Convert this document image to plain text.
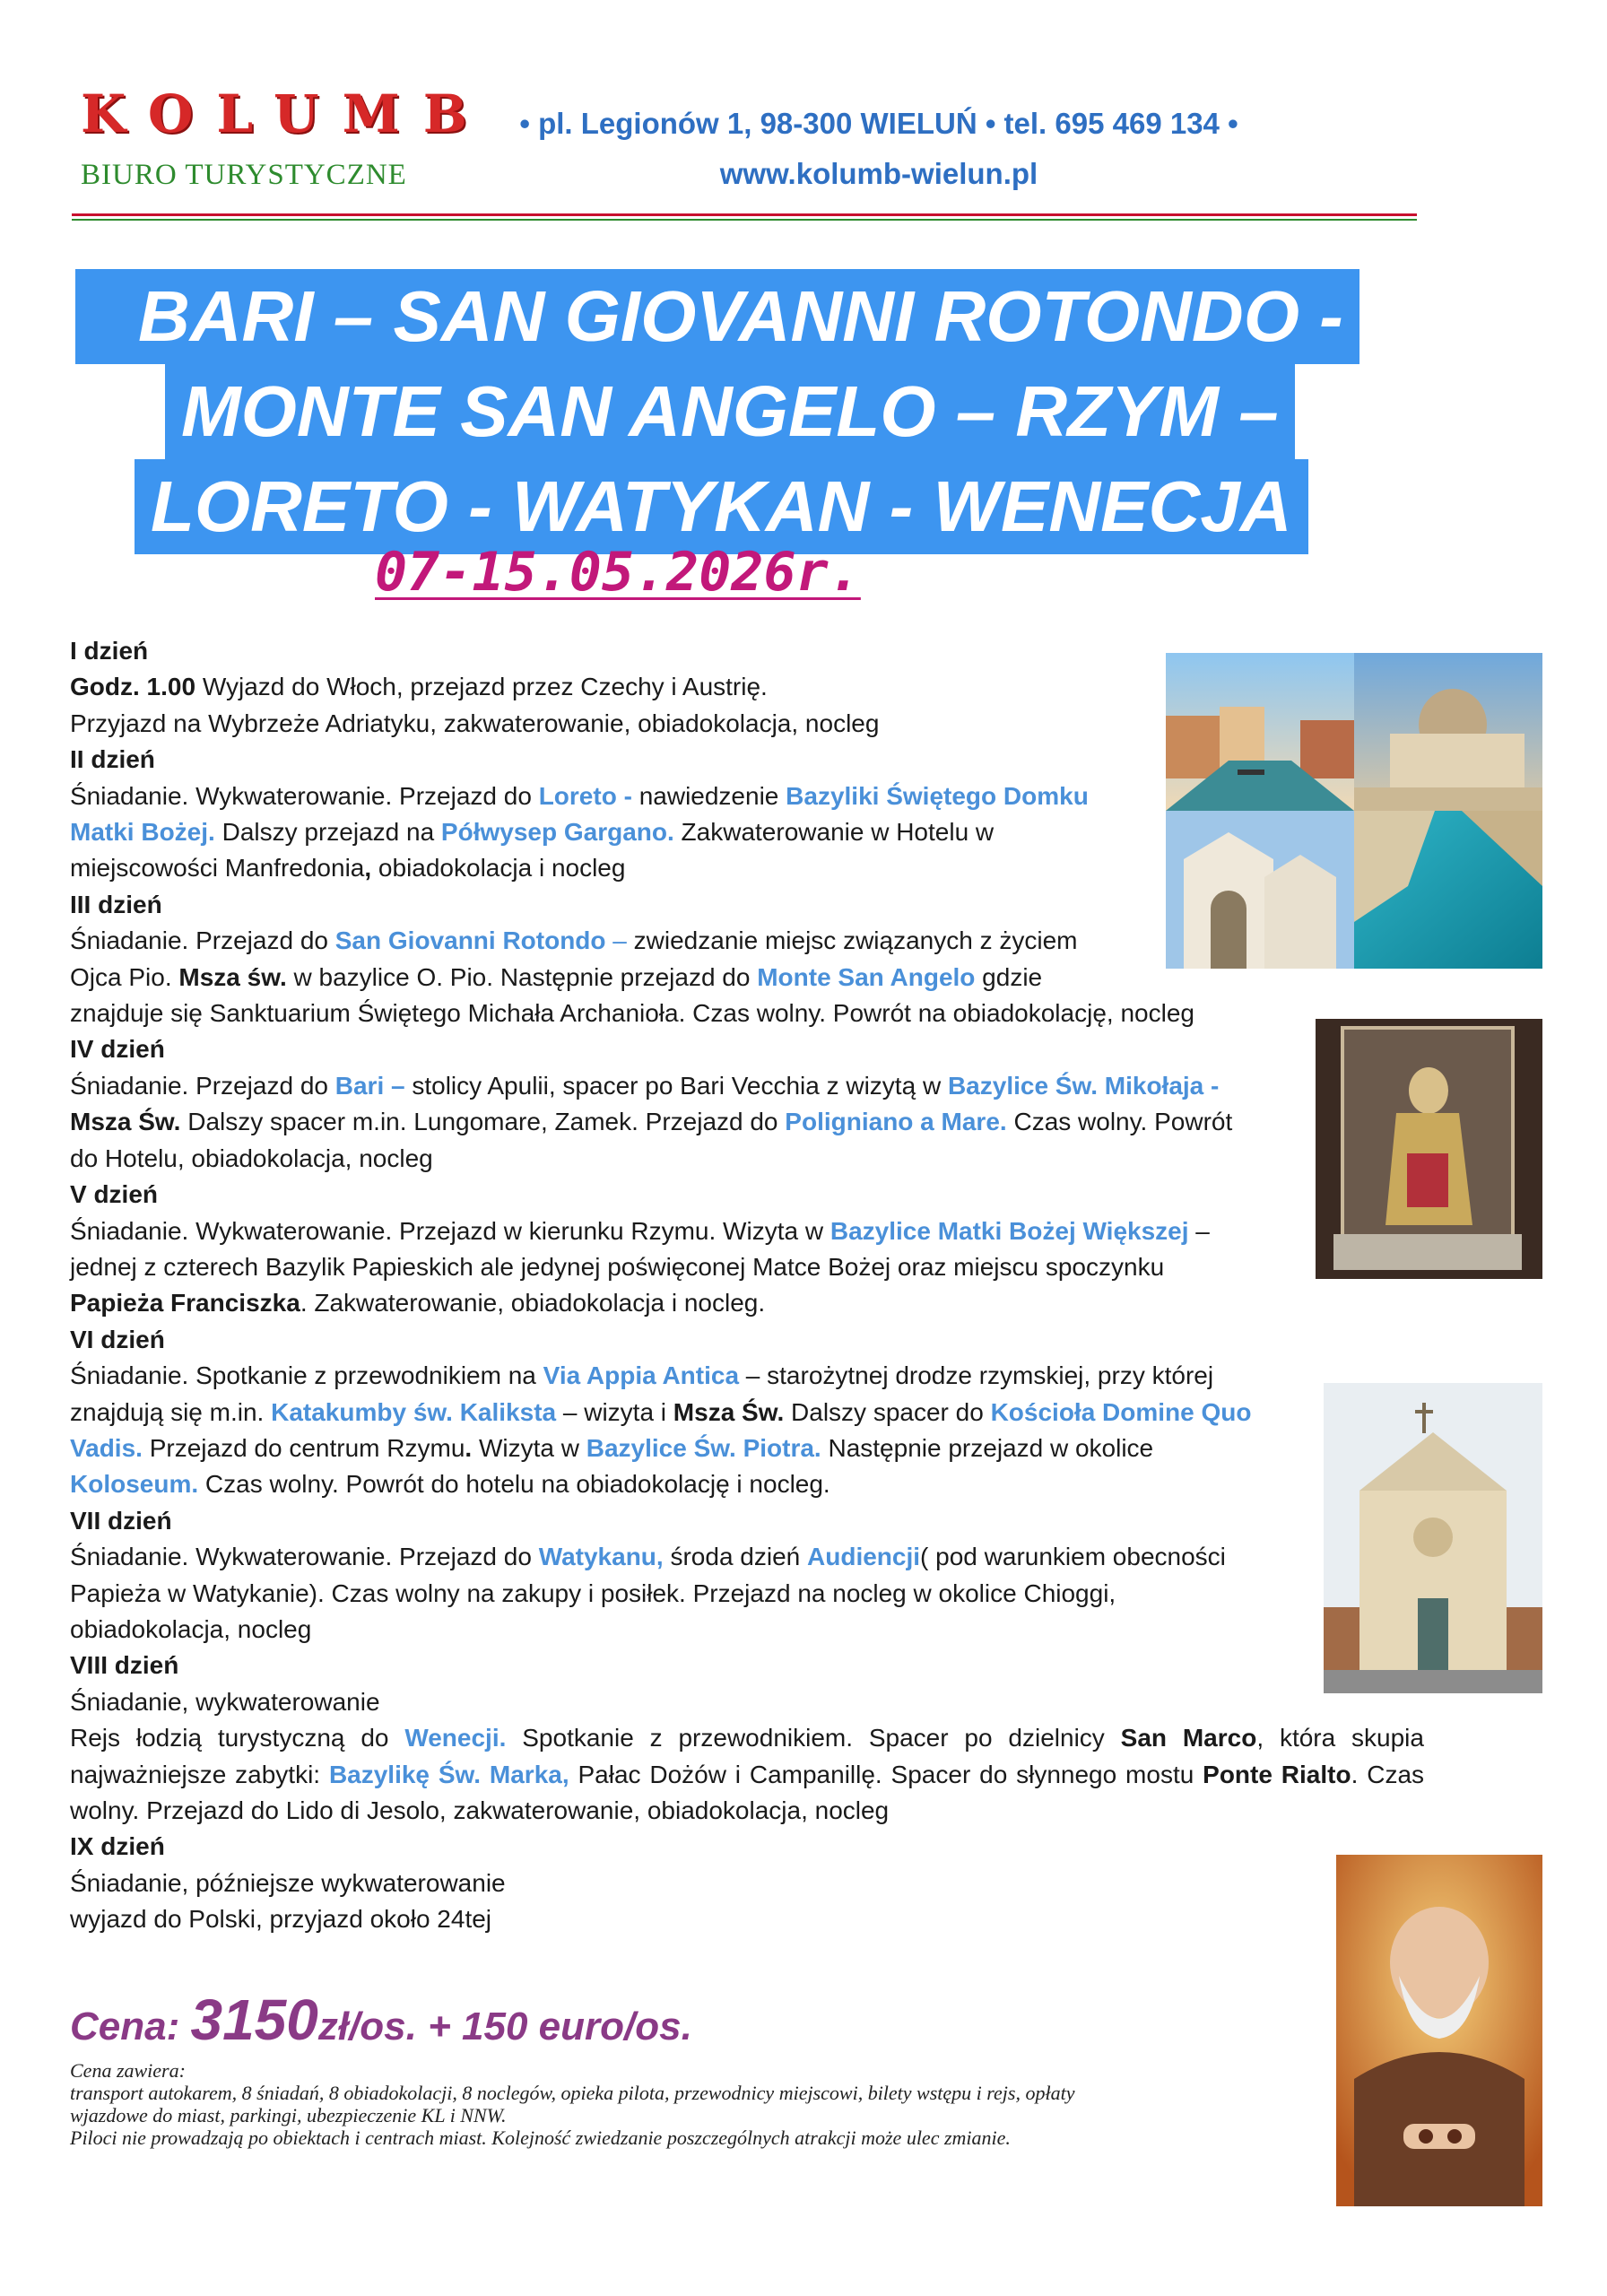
KOLUMB
BIURO TURYSTYCZNE
• pl. Legionów 1, 98-300 WIELUŃ • tel. 695 469 134 •
www.kolumb-wielun.pl
BARI – SAN GIOVANNI ROTONDO -
MONTE SAN ANGELO – RZYM –
LORETO - WATYKAN - WENECJA
07-15.05.2026r.
I dzień
Godz. 1.00 Wyjazd do Włoch, przejazd przez Czechy i Austrię.
Przyjazd na Wybrzeże Adriatyku, zakwaterowanie, obiadokolacja, nocleg
II dzień
Śniadanie. Wykwaterowanie. Przejazd do Loreto - nawiedzenie Bazyliki Świętego Domku
Matki Bożej. Dalszy przejazd na Półwysep Gargano. Zakwaterowanie w Hotelu w
miejscowości Manfredonia, obiadokolacja i nocleg
III dzień
Śniadanie. Przejazd do San Giovanni Rotondo – zwiedzanie miejsc związanych z życiem
Ojca Pio. Msza św. w bazylice O. Pio. Następnie przejazd do Monte San Angelo gdzie
znajduje się Sanktuarium Świętego Michała Archanioła. Czas wolny. Powrót na obiadokolację, nocleg
IV dzień
Śniadanie. Przejazd do Bari – stolicy Apulii, spacer po Bari Vecchia z wizytą w Bazylice Św. Mikołaja -
Msza Św. Dalszy spacer m.in. Lungomare, Zamek. Przejazd do Poligniano a Mare. Czas wolny. Powrót
do Hotelu, obiadokolacja, nocleg
V dzień
Śniadanie. Wykwaterowanie. Przejazd w kierunku Rzymu. Wizyta w Bazylice Matki Bożej Większej –
jednej z czterech Bazylik Papieskich ale jedynej poświęconej Matce Bożej oraz miejscu spoczynku
Papieża Franciszka. Zakwaterowanie, obiadokolacja i nocleg.
VI dzień
Śniadanie. Spotkanie z przewodnikiem na Via Appia Antica – starożytnej drodze rzymskiej, przy której
znajdują się m.in. Katakumby św. Kaliksta – wizyta i Msza Św. Dalszy spacer do Kościoła Domine Quo
Vadis. Przejazd do centrum Rzymu. Wizyta w Bazylice Św. Piotra. Następnie przejazd w okolice
Koloseum. Czas wolny. Powrót do hotelu na obiadokolację i nocleg.
VII dzień
Śniadanie. Wykwaterowanie. Przejazd do Watykanu, środa dzień Audiencji( pod warunkiem obecności
Papieża w Watykanie). Czas wolny na zakupy i posiłek. Przejazd na nocleg w okolice Chioggi,
obiadokolacja, nocleg
VIII dzień
Śniadanie, wykwaterowanie
Rejs łodzią turystyczną do Wenecji. Spotkanie z przewodnikiem. Spacer po dzielnicy San Marco, która skupia najważniejsze zabytki: Bazylikę Św. Marka, Pałac Dożów i Campanillę. Spacer do słynnego mostu Ponte Rialto. Czas wolny. Przejazd do Lido di Jesolo, zakwaterowanie, obiadokolacja, nocleg
IX dzień
Śniadanie, późniejsze wykwaterowanie
wyjazd do Polski, przyjazd około 24tej
Cena: 3150zł/os. + 150 euro/os.
Cena zawiera:
transport autokarem, 8 śniadań, 8 obiadokolacji, 8 noclegów, opieka pilota, przewodnicy miejscowi, bilety wstępu i rejs, opłaty
wjazdowe do miast, parkingi, ubezpieczenie KL i NNW.
Piloci nie prowadzają po obiektach i centrach miast. Kolejność zwiedzanie poszczególnych atrakcji może ulec zmianie.
